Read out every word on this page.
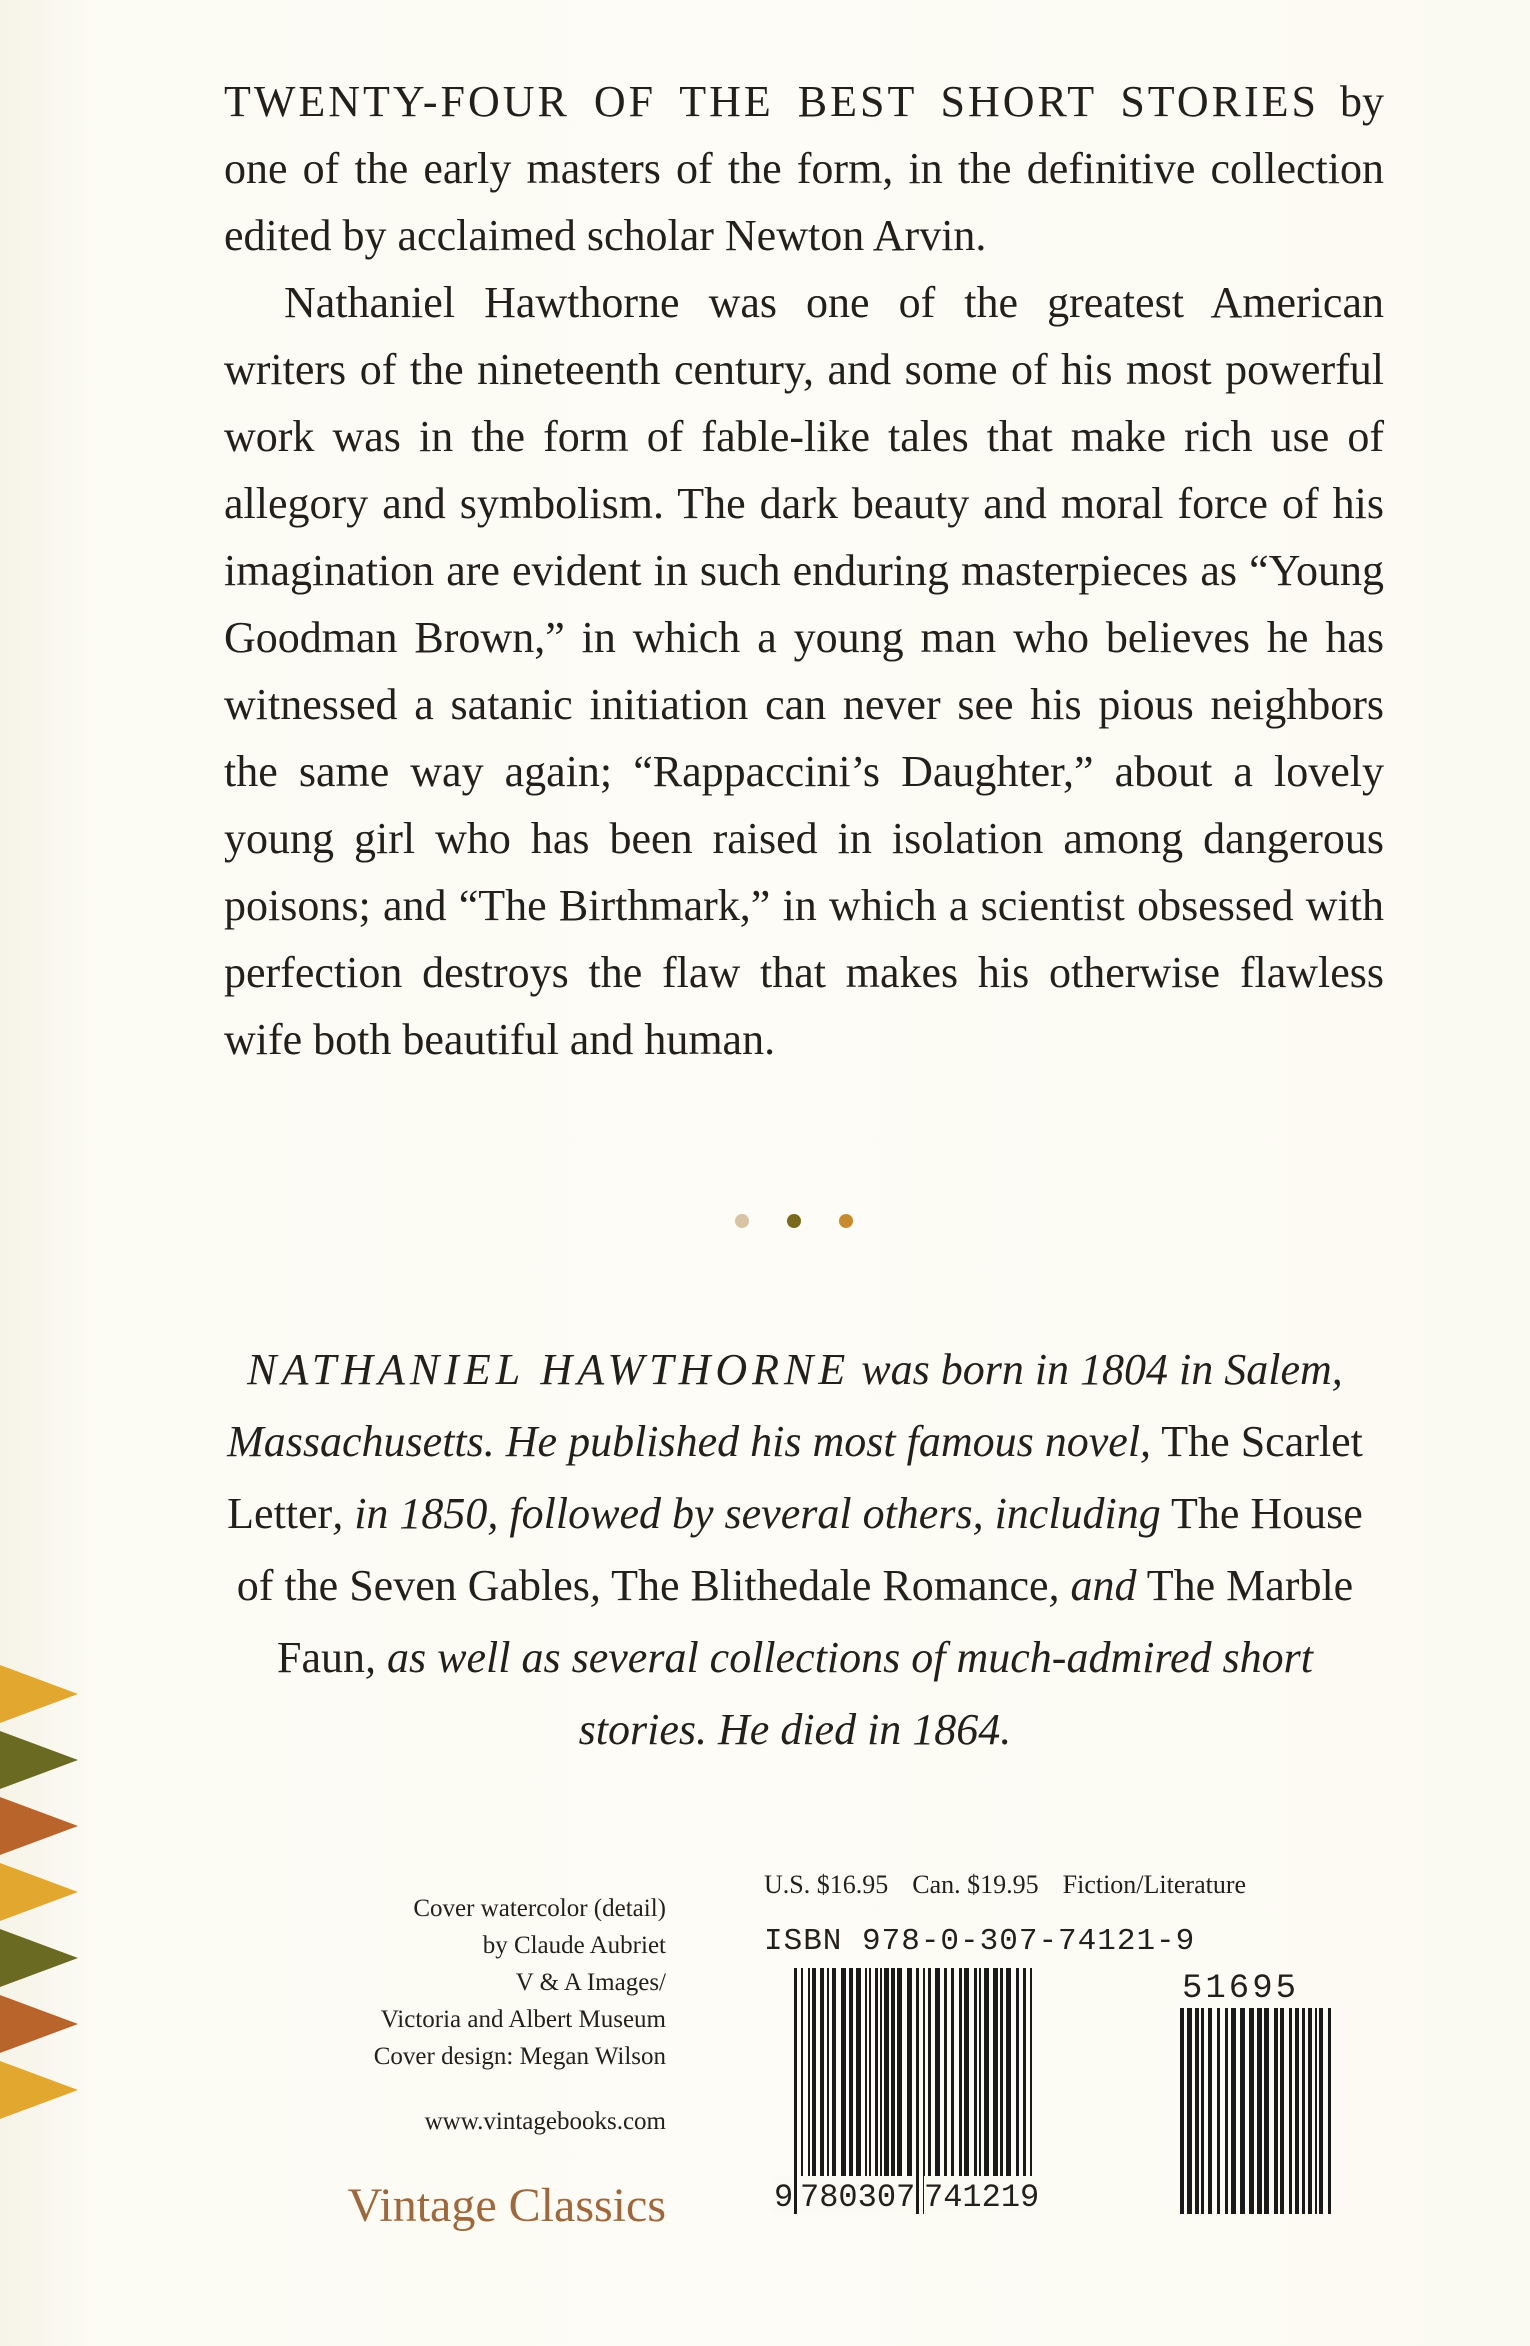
TWENTY-FOUR OF THE BEST SHORT STORIES by one of the early masters of the form, in the definitive collection edited by acclaimed scholar Newton Arvin.

Nathaniel Hawthorne was one of the greatest American writers of the nineteenth century, and some of his most powerful work was in the form of fable-like tales that make rich use of allegory and symbolism. The dark beauty and moral force of his imagination are evident in such enduring masterpieces as “Young Goodman Brown,” in which a young man who believes he has witnessed a satanic initiation can never see his pious neighbors the same way again; “Rappaccini’s Daughter,” about a lovely young girl who has been raised in isolation among dangerous poisons; and “The Birthmark,” in which a scientist obsessed with perfection destroys the flaw that makes his otherwise flawless wife both beautiful and human.

NATHANIEL HAWTHORNE was born in 1804 in Salem, Massachusetts. He published his most famous novel, The Scarlet Letter, in 1850, followed by several others, including The House of the Seven Gables, The Blithedale Romance, and The Marble Faun, as well as several collections of much-admired short stories. He died in 1864.
Cover watercolor (detail)
by Claude Aubriet
V & A Images/
Victoria and Albert Museum
Cover design: Megan Wilson
www.vintagebooks.com
Vintage Classics
U.S. $16.95 Can. $19.95 Fiction/Literature
ISBN 978-0-307-74121-9
9 780307 741219
51695
